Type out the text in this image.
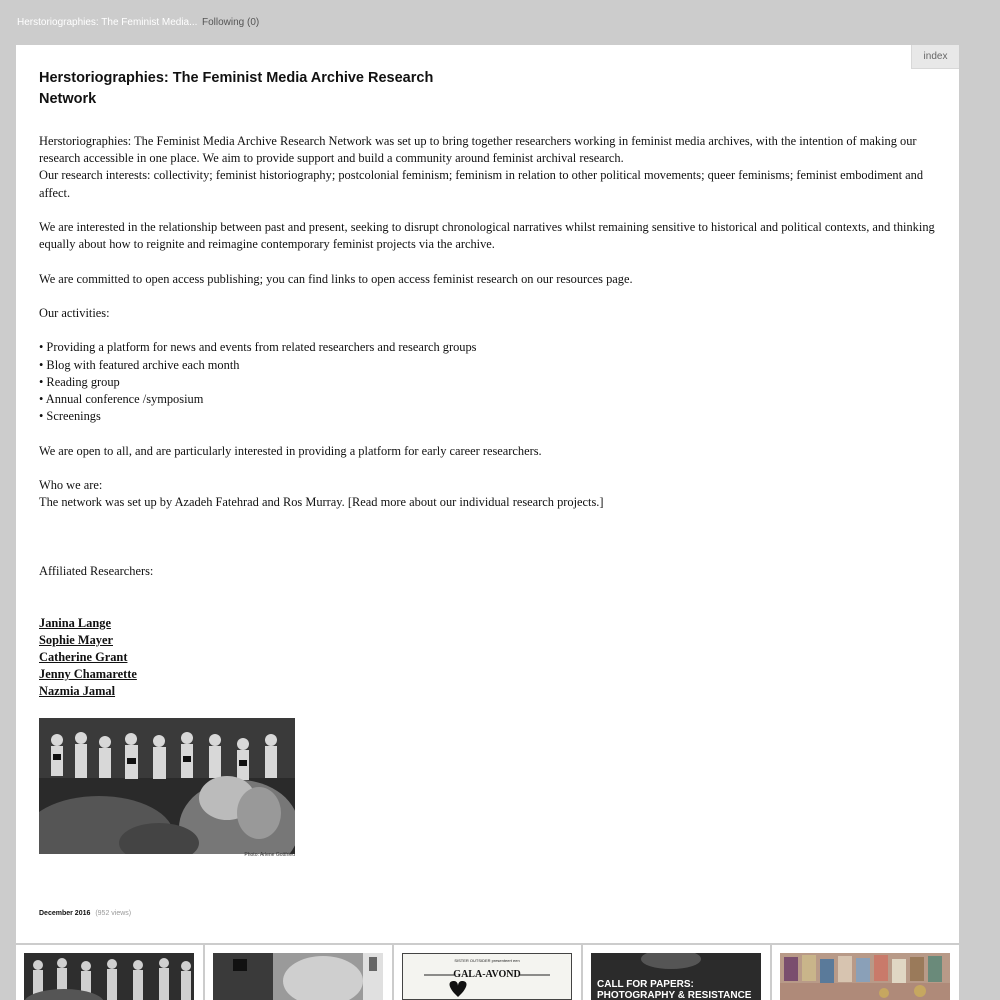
Herstoriographies: The Feminist Media... Following (0)
index
Herstoriographies: The Feminist Media Archive Research Network

Herstoriographies: The Feminist Media Archive Research Network was set up to bring together researchers working in feminist media archives, with the intention of making our research accessible in one place. We aim to provide support and build a community around feminist archival research.

Our research interests: collectivity; feminist historiography; postcolonial feminism; feminism in relation to other political movements; queer feminisms; feminist embodiment and affect.

We are interested in the relationship between past and present, seeking to disrupt chronological narratives whilst remaining sensitive to historical and political contexts, and thinking equally about how to reignite and reimagine contemporary feminist projects via the archive.

We are committed to open access publishing; you can find links to open access feminist research on our resources page.

Our activities:

• Providing a platform for news and events from related researchers and research groups

• Blog with featured archive each month

• Reading group

• Annual conference /symposium

• Screenings

We are open to all, and are particularly interested in providing a platform for early career researchers.

Who we are:

The network was set up by Azadeh Fatehrad and Ros Murray. [Read more about our individual research projects.]

Affiliated Researchers:

Janina Lange
Sophie Mayer
Catherine Grant
Jenny Chamarette
Nazmia Jamal
Photo: Arlene Gottfried
December 2016 (952 views)
SISTER OUTSIDER presenteert een
GALA-AVOND
CALL FOR PAPERS: PHOTOGRAPHY & RESISTANCE
